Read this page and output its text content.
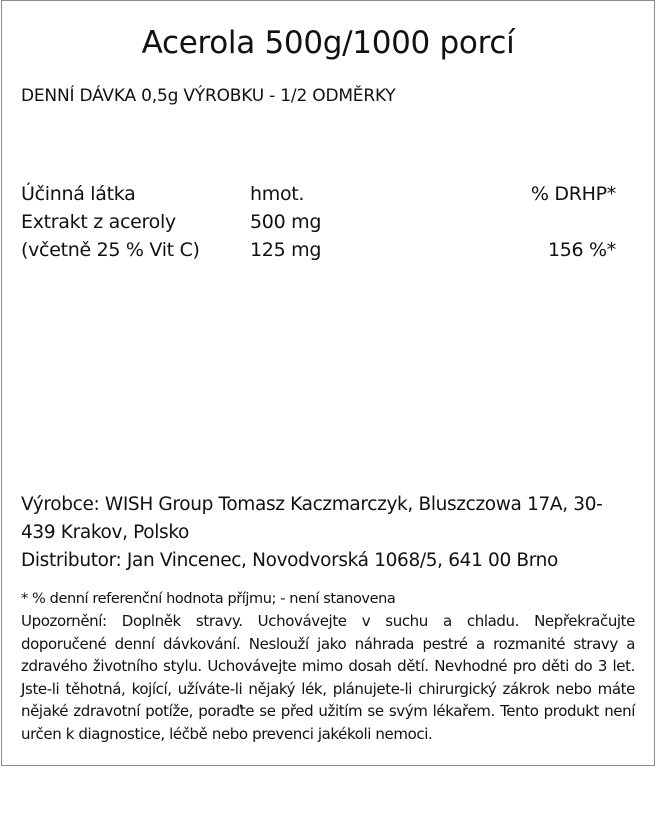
Acerola 500g/1000 porcí
DENNÍ DÁVKA 0,5g VÝROBKU - 1/2 ODMĚRKY
Účinná látka	hmot.	% DRHP*
Extrakt z aceroly	500 mg
(včetně 25 % Vit C)	125 mg	156 %*

Výrobce: WISH Group Tomasz Kaczmarczyk, Bluszczowa 17A, 30-439 Krakov, Polsko

Distributor: Jan Vincenec, Novodvorská 1068/5, 641 00 Brno

* % denní referenční hodnota příjmu; - není stanovena

Upozornění: Doplněk stravy. Uchovávejte v suchu a chladu. Nepřekračujte doporučené denní dávkování. Neslouží jako náhrada pestré a rozmanité stravy a zdravého životního stylu. Uchovávejte mimo dosah dětí. Nevhodné pro děti do 3 let. Jste-li těhotná, kojící, užíváte-li nějaký lék, plánujete-li chirurgický zákrok nebo máte nějaké zdravotní potíže, poraďte se před užitím se svým lékařem. Tento produkt není určen k diagnostice, léčbě nebo prevenci jakékoli nemoci.
